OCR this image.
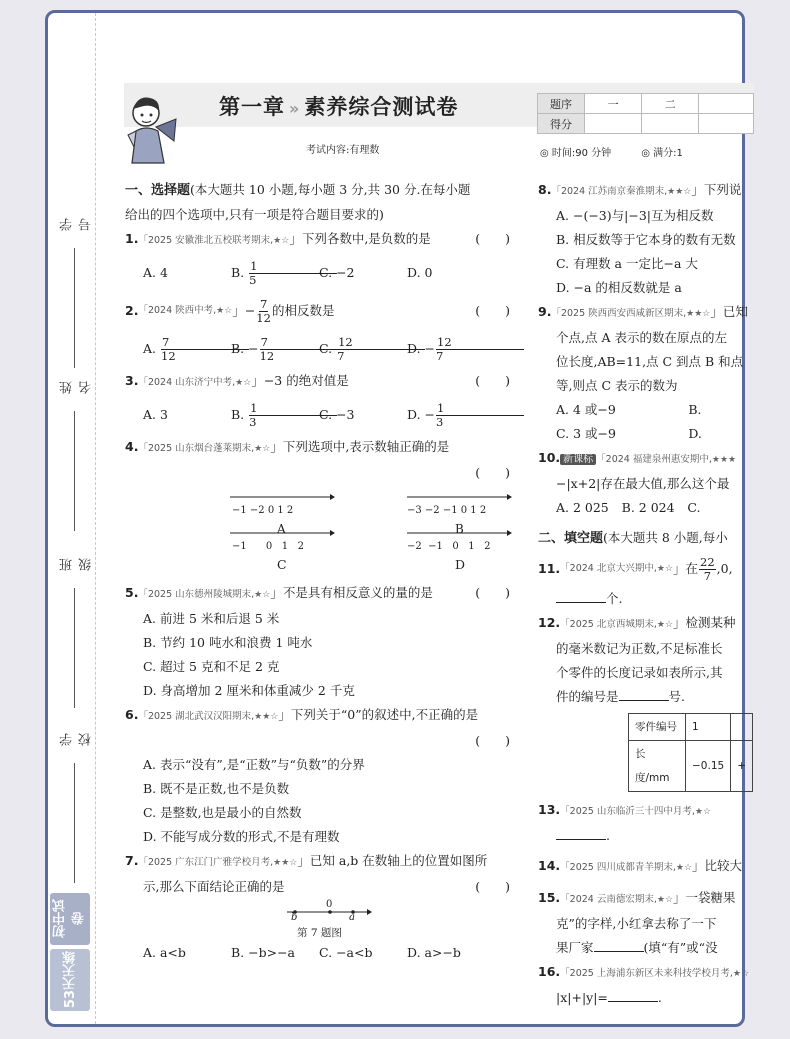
学号
姓名
班级
学校
初中试卷
53天天练
第一章 » 素养综合测试卷
考试内容:有理数
题序	一	二	
得分			
◎ 时间:90 分钟	◎ 满分:1
一、选择题(本大题共 10 小题,每小题 3 分,共 30 分.在每小题
给出的四个选项中,只有一项是符合题目要求的)
1.「2025 安徽淮北五校联考期末,★☆」下列各数中,是负数的是	(　　)
A. 4	B. $\frac{1}{5}$
C. −2	D. 0
2. 「2024 陕西中考, ★☆ 」− $\frac{7}{12}$ 的相反数是	(　　)
A. $\frac{7}{12}$
B. − $\frac{7}{12}$
C. $\frac{12}{7}$
D. − $\frac{12}{7}$
3.「2024 山东济宁中考,★☆」−3 的绝对值是	(　　)
A. 3	B. $\frac{1}{3}$
C. −3	D. − $\frac{1}{3}$
4.「2025 山东烟台蓬莱期末,★☆」下列选项中,表示数轴正确的是
(　　)
−1 −2 0 1 2
A
−3 −2 −1 0 1 2
B
−1      0   1   2	−2  −1   0   1   2
C	D
5.「2025 山东德州陵城期末,★☆」不是具有相反意义的量的是	(　　)
A. 前进 5 米和后退 5 米
B. 节约 10 吨水和浪费 1 吨水
C. 超过 5 克和不足 2 克
D. 身高增加 2 厘米和体重减少 2 千克
6.「2025 湖北武汉汉阳期末,★★☆」下列关于“0”的叙述中,不正确的是
(　　)
A. 表示“没有”,是“正数”与“负数”的分界
B. 既不是正数,也不是负数
C. 是整数,也是最小的自然数
D. 不能写成分数的形式,不是有理数
7.「2025 广东江门广雅学校月考,★★☆」已知 a,b 在数轴上的位置如图所
示,那么下面结论正确的是	(　　)
b
0
a
第 7 题图
A. a<b	B. −b>−a	C. −a<b	D. a>−b
8.「2024 江苏南京秦淮期末,★★☆」下列说
A. −(−3)与|−3|互为相反数
B. 相反数等于它本身的数有无数
C. 有理数 a 一定比−a 大
D. −a 的相反数就是 a
9.「2025 陕西西安西咸新区期末,★★☆」已知
个点,点 A 表示的数在原点的左
位长度,AB=11,点 C 到点 B 和点
等,则点 C 表示的数为
A. 4 或−9	B.
C. 3 或−9	D.
10. 新课标 「2024 福建泉州惠安期中,★★★
−|x+2|存在最大值,那么这个最
A. 2 025	B. 2 024	C.
二、填空题(本大题共 8 小题,每小
11. 「2024 北京大兴期中, ★☆ 」在 $\frac{22}{7} ,0$,
个.
12.「2025 北京西城期末,★☆」检测某种
的毫米数记为正数,不足标准长
个零件的长度记录如表所示,其
件的编号是	号.
零件编号	1	
长度/mm	−0.15	+
13.「2025 山东临沂三十四中月考,★☆
.
14.「2025 四川成都青羊期末,★☆」比较大
15.「2024 云南德宏期末,★☆」一袋糖果
克”的字样,小红拿去称了一下
果厂家	(填“有”或“没
16.「2025 上海浦东新区未来科技学校月考,★☆
|x|+|y|=	.
